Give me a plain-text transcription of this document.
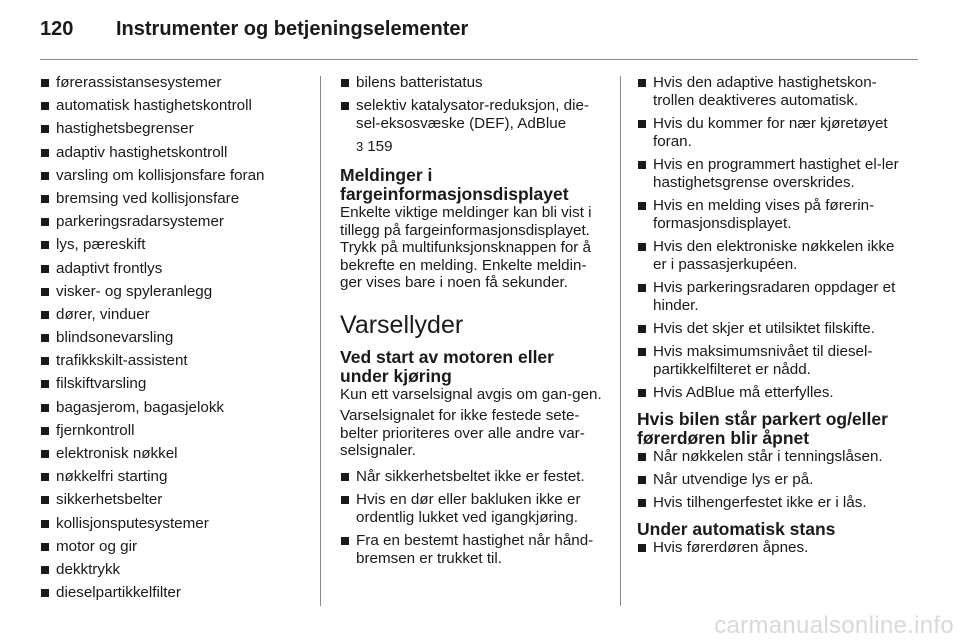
120	Instrumenter og betjeningselementer
førerassistansesystemer
automatisk hastighetskontroll
hastighetsbegrenser
adaptiv hastighetskontroll
varsling om kollisjonsfare foran
bremsing ved kollisjonsfare
parkeringsradarsystemer
lys, pæreskift
adaptivt frontlys
visker- og spyleranlegg
dører, vinduer
blindsonevarsling
trafikkskilt-assistent
filskiftvarsling
bagasjerom, bagasjelokk
fjernkontroll
elektronisk nøkkel
nøkkelfri starting
sikkerhetsbelter
kollisjonsputesystemer
motor og gir
dekktrykk
dieselpartikkelfilter
bilens batteristatus
selektiv katalysator-reduksjon, die-sel-eksosvæske (DEF), AdBlue
3 159
Meldinger i fargeinformasjonsdisplayet

Enkelte viktige meldinger kan bli vist i tillegg på fargeinformasjonsdisplayet. Trykk på multifunksjonsknappen for å bekrefte en melding. Enkelte meldin-ger vises bare i noen få sekunder.

Varsellyder
Ved start av motoren eller under kjøring

Kun ett varselsignal avgis om gan-gen.

Varselsignalet for ikke festede sete-belter prioriteres over alle andre var-selsignaler.

Når sikkerhetsbeltet ikke er festet.
Hvis en dør eller bakluken ikke er ordentlig lukket ved igangkjøring.
Fra en bestemt hastighet når hånd-bremsen er trukket til.
Hvis den adaptive hastighetskon-trollen deaktiveres automatisk.
Hvis du kommer for nær kjøretøyet foran.
Hvis en programmert hastighet el-ler hastighetsgrense overskrides.
Hvis en melding vises på førerin-formasjonsdisplayet.
Hvis den elektroniske nøkkelen ikke er i passasjerkupéen.
Hvis parkeringsradaren oppdager et hinder.
Hvis det skjer et utilsiktet filskifte.
Hvis maksimumsnivået til diesel-partikkelfilteret er nådd.
Hvis AdBlue må etterfylles.
Hvis bilen står parkert og/eller førerdøren blir åpnet
Når nøkkelen står i tenningslåsen.
Når utvendige lys er på.
Hvis tilhengerfestet ikke er i lås.
Under automatisk stans
Hvis førerdøren åpnes.
carmanualsonline.info
